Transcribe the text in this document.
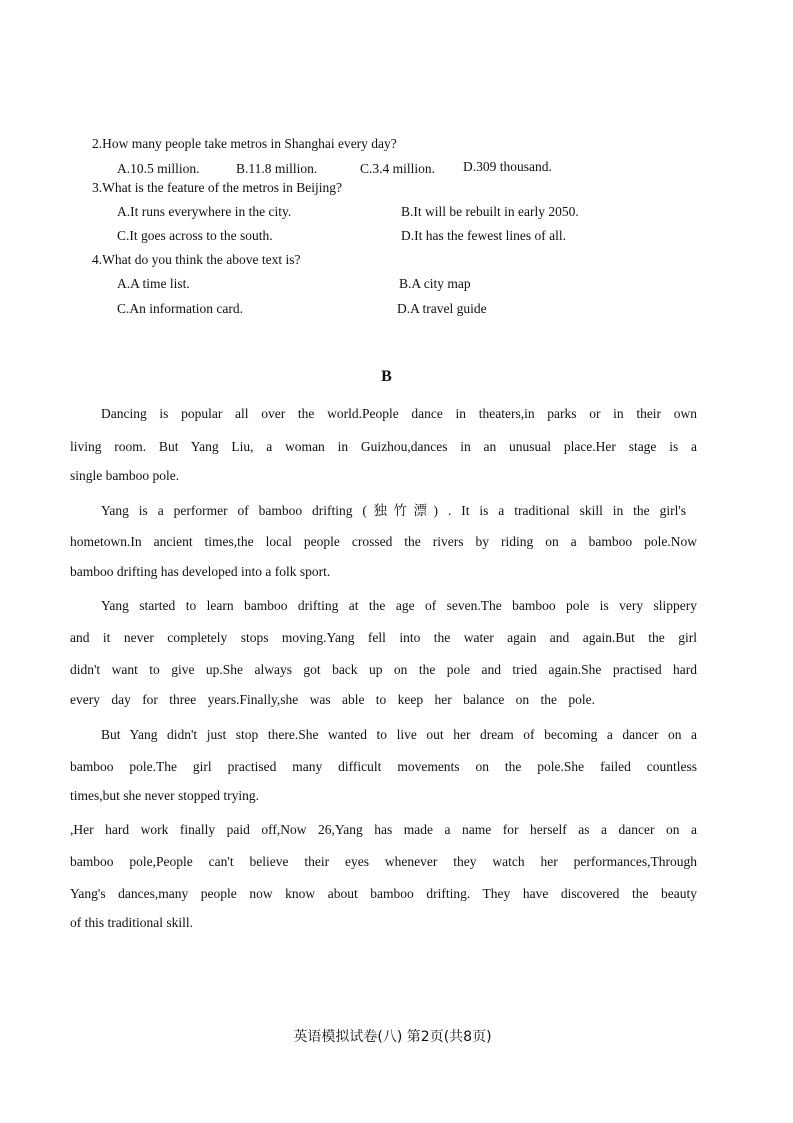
2.How many people take metros in Shanghai every day?
A.10.5 million.	B.11.8 million.	C.3.4 million. D.309 thousand.
3.What is the feature of the metros in Beijing?
A.It runs everywhere in the city.	B.It will be rebuilt in early 2050.
C.It goes across to the south.	D.It has the fewest lines of all.
4.What do you think the above text is?
A.A time list.	B.A city map
C.An information card.	D.A travel guide
B
Dancing is popular all over the world.People dance in theaters,in parks or in their own
living room. But Yang Liu, a woman in Guizhou,dances in an unusual place.Her stage is a
single bamboo pole.
Yang is a performer of bamboo drifting (独竹漂) . It is a traditional skill in the girl's
hometown.In ancient times,the local people crossed the rivers by riding on a bamboo pole.Now
bamboo drifting has developed into a folk sport.
Yang started to learn bamboo drifting at the age of seven.The bamboo pole is very slippery
and it never completely stops moving.Yang fell into the water again and again.But the girl
didn't want to give up.She always got back up on the pole and tried again.She practised hard
every day for three years.Finally,she was able to keep her balance on the pole.
But Yang didn't just stop there.She wanted to live out her dream of becoming a dancer on a
bamboo pole.The girl practised many difficult movements on the pole.She failed countless
times,but she never stopped trying.
,Her hard work finally paid off,Now 26,Yang has made a name for herself as a dancer on a
bamboo pole,People can't believe their eyes whenever they watch her performances,Through
Yang's dances,many people now know about bamboo drifting. They have discovered the beauty
of this traditional skill.
英语模拟试卷(八) 第2页(共8页)
